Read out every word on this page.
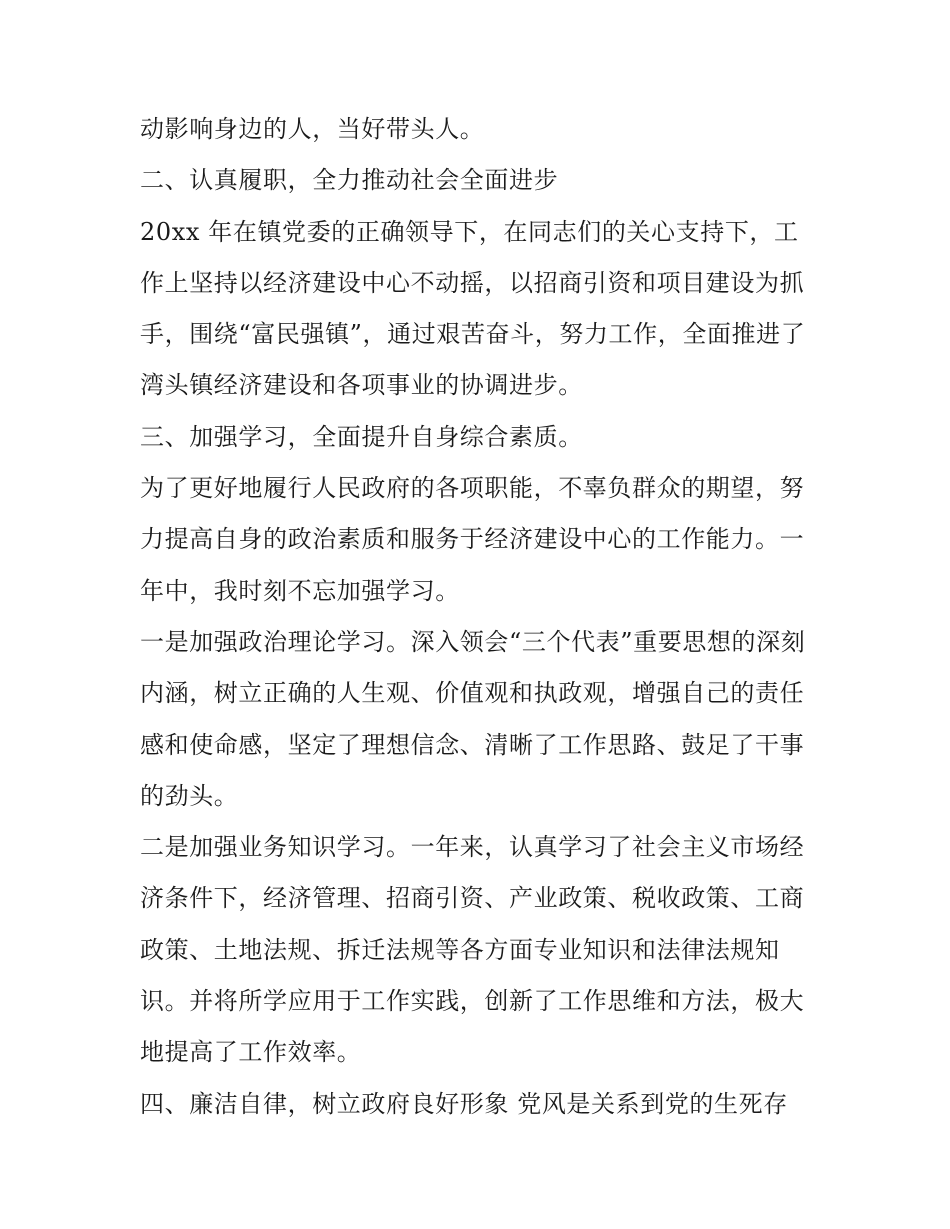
动影响身边的人，当好带头人。
二、认真履职，全力推动社会全面进步
20xx 年在镇党委的正确领导下，在同志们的关心支持下，工
作上坚持以经济建设中心不动摇，以招商引资和项目建设为抓
手，围绕“富民强镇”，通过艰苦奋斗，努力工作，全面推进了
湾头镇经济建设和各项事业的协调进步。
三、加强学习，全面提升自身综合素质。
为了更好地履行人民政府的各项职能，不辜负群众的期望，努
力提高自身的政治素质和服务于经济建设中心的工作能力。一
年中，我时刻不忘加强学习。
一是加强政治理论学习。深入领会“三个代表”重要思想的深刻
内涵，树立正确的人生观、价值观和执政观，增强自己的责任
感和使命感，坚定了理想信念、清晰了工作思路、鼓足了干事
的劲头。
二是加强业务知识学习。一年来，认真学习了社会主义市场经
济条件下，经济管理、招商引资、产业政策、税收政策、工商
政策、土地法规、拆迁法规等各方面专业知识和法律法规知
识。并将所学应用于工作实践，创新了工作思维和方法，极大
地提高了工作效率。
四、廉洁自律，树立政府良好形象 党风是关系到党的生死存
